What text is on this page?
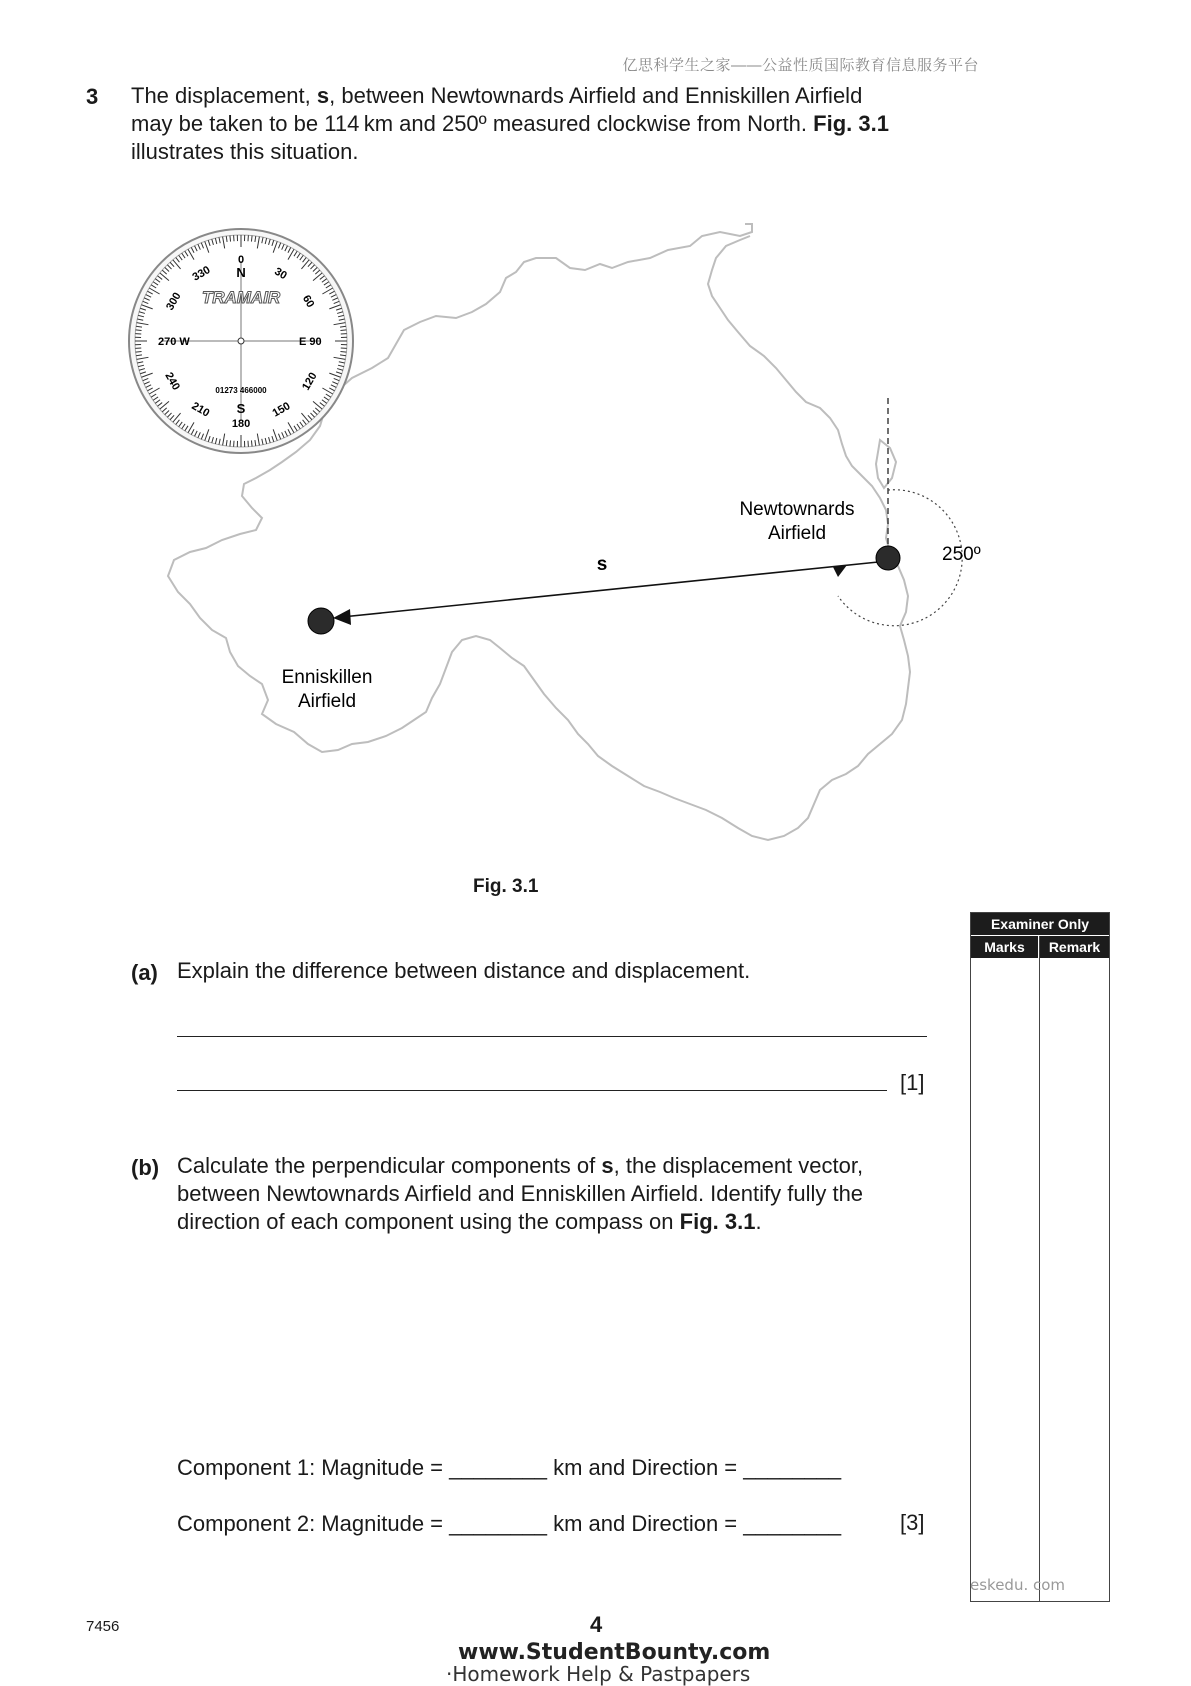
亿思科学生之家——公益性质国际教育信息服务平台
3 The displacement, s, between Newtownards Airfield and Enniskillen Airfield may be taken to be 114 km and 250º measured clockwise from North. Fig. 3.1 illustrates this situation.
0
N
S
180
270 W	E 90
30
60
120
150
210
240
300
330
TRAMAIR
01273 466000
Newtownards
Airfield
Enniskillen
Airfield
s	250º
Fig. 3.1
Examiner Only
Marks	Remark
(a) Explain the difference between distance and displacement.
[1]
(b) Calculate the perpendicular components of s, the displacement vector, between Newtownards Airfield and Enniskillen Airfield. Identify fully the direction of each component using the compass on Fig. 3.1.
Component 1: Magnitude = ________ km and Direction = ________
Component 2: Magnitude = ________ km and Direction = ________	[3]
eskedu. com
7456	4
www.StudentBounty.com
·Homework Help & Pastpapers
